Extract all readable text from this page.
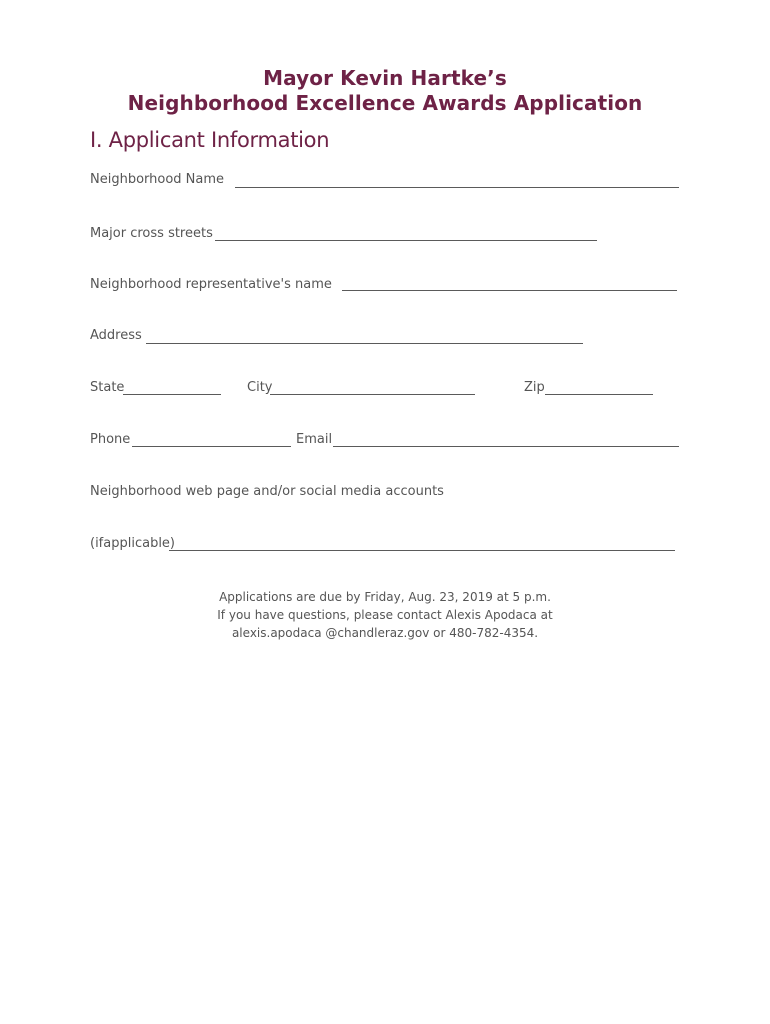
Mayor Kevin Hartke’s
Neighborhood Excellence Awards Application
I. Applicant Information
Neighborhood Name
Major cross streets
Neighborhood representative's name
Address
State	City	Zip
Phone	Email
Neighborhood web page and/or social media accounts
(ifapplicable)
Applications are due by Friday, Aug. 23, 2019 at 5 p.m.
If you have questions, please contact Alexis Apodaca at
alexis.apodaca @chandleraz.gov or 480-782-4354.
